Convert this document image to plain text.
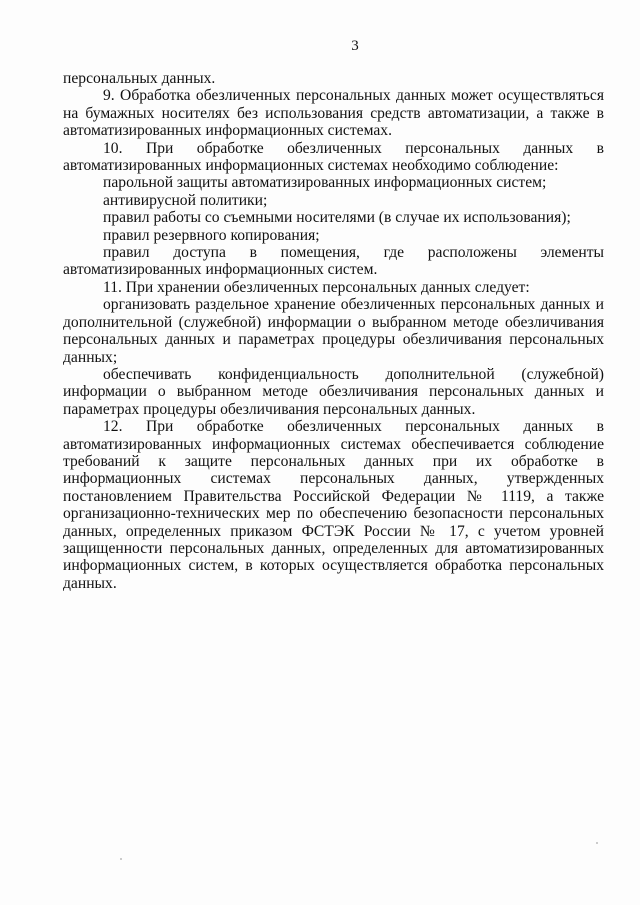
3

персональных данных.

9. Обработка обезличенных персональных данных может осуществляться на бумажных носителях без использования средств автоматизации, а также в автоматизированных информационных системах.

10. При обработке обезличенных персональных данных в автоматизированных информационных системах необходимо соблюдение:

парольной защиты автоматизированных информационных систем;

антивирусной политики;

правил работы со съемными носителями (в случае их использования);

правил резервного копирования;

правил доступа в помещения, где расположены элементы автоматизированных информационных систем.

11. При хранении обезличенных персональных данных следует:

организовать раздельное хранение обезличенных персональных данных и дополнительной (служебной) информации о выбранном методе обезличивания персональных данных и параметрах процедуры обезличивания персональных данных;

обеспечивать конфиденциальность дополнительной (служебной) информации о выбранном методе обезличивания персональных данных и параметрах процедуры обезличивания персональных данных.

12. При обработке обезличенных персональных данных в автоматизированных информационных системах обеспечивается соблюдение требований к защите персональных данных при их обработке в информационных системах персональных данных, утвержденных постановлением Правительства Российской Федерации № 1119, а также организационно-технических мер по обеспечению безопасности персональных данных, определенных приказом ФСТЭК России № 17, с учетом уровней защищенности персональных данных, определенных для автоматизированных информационных систем, в которых осуществляется обработка персональных данных.
